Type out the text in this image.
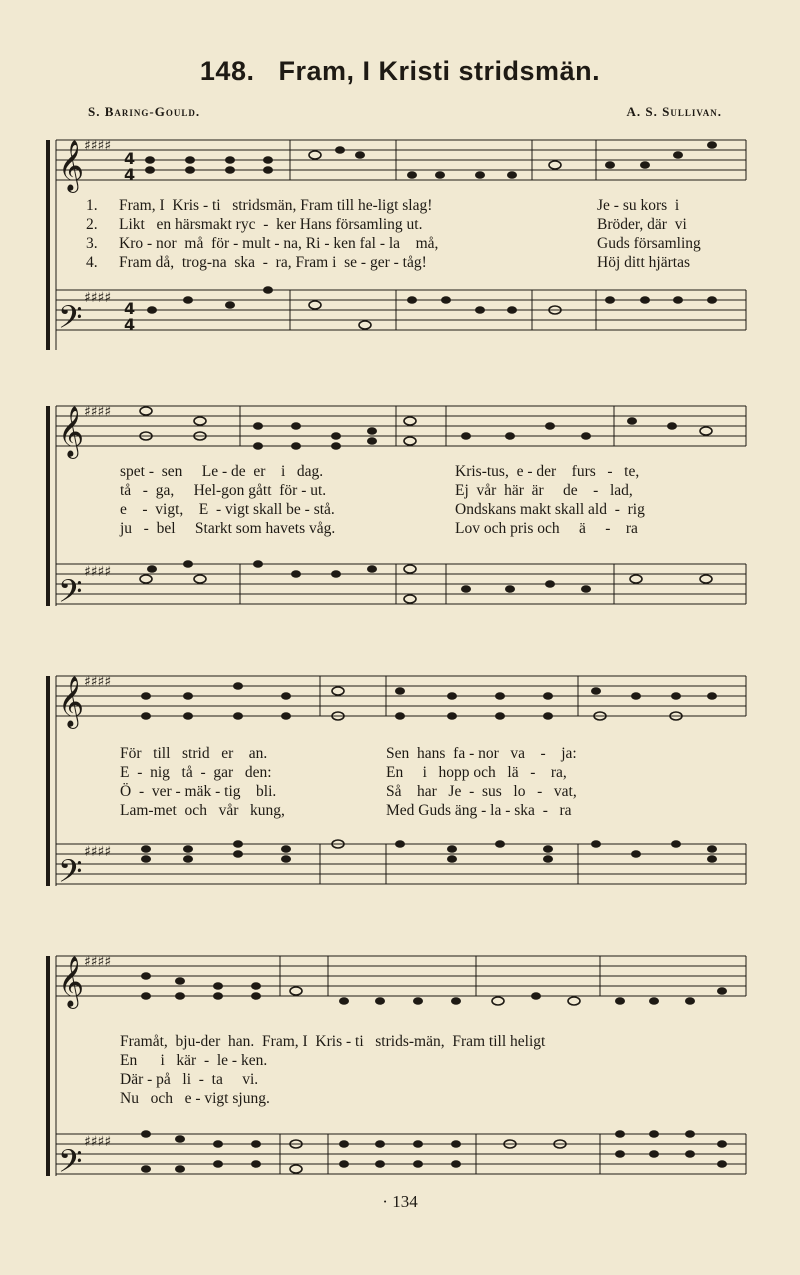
148. Fram, I Kristi stridsmän.
S. Baring-Gould.	A. S. Sullivan.
𝄞
𝄢
♯♯♯♯
♯♯♯♯
4
4
4
4
1.
2.
3.
4.
Fram, I  Kris - ti   stridsmän, Fram till he-ligt slag!
Likt   en härsmakt ryc  -  ker Hans församling ut.
Kro - nor  må  för - mult - na, Ri - ken fal - la    må,
Fram då,  trog-na  ska  -  ra, Fram i  se - ger - tåg!
Je - su kors  i
Bröder, där  vi
Guds församling
Höj ditt hjärtas
𝄞
𝄢
♯♯♯♯
♯♯♯♯
spet -  sen     Le - de  er    i   dag.
tå   -  ga,     Hel-gon gått  för - ut.
e    -  vigt,    E  - vigt skall be - stå.
ju   -  bel     Starkt som havets våg.
Kris-tus,  e - der    furs   -   te,
Ej  vår  här  är     de    -   lad,
Ondskans makt skall ald  -  rig
Lov och pris och     ä     -    ra
𝄞
𝄢
♯♯♯♯
♯♯♯♯
För   till   strid   er    an.
E  -  nig   tå  -  gar   den:
Ö  -  ver - mäk - tig    bli.
Lam-met  och   vår   kung,
Sen  hans  fa - nor   va    -    ja:
En     i   hopp och   lä   -    ra,
Så    har   Je  -  sus   lo   -   vat,
Med Guds äng - la - ska  -   ra
𝄞
𝄢
♯♯♯♯
♯♯♯♯
Framåt,  bju-der  han.  Fram, I  Kris - ti   strids-män,  Fram till heligt
En      i   kär  -  le - ken.
Där - på   li  -  ta     vi.
Nu   och   e - vigt sjung.
· 134
